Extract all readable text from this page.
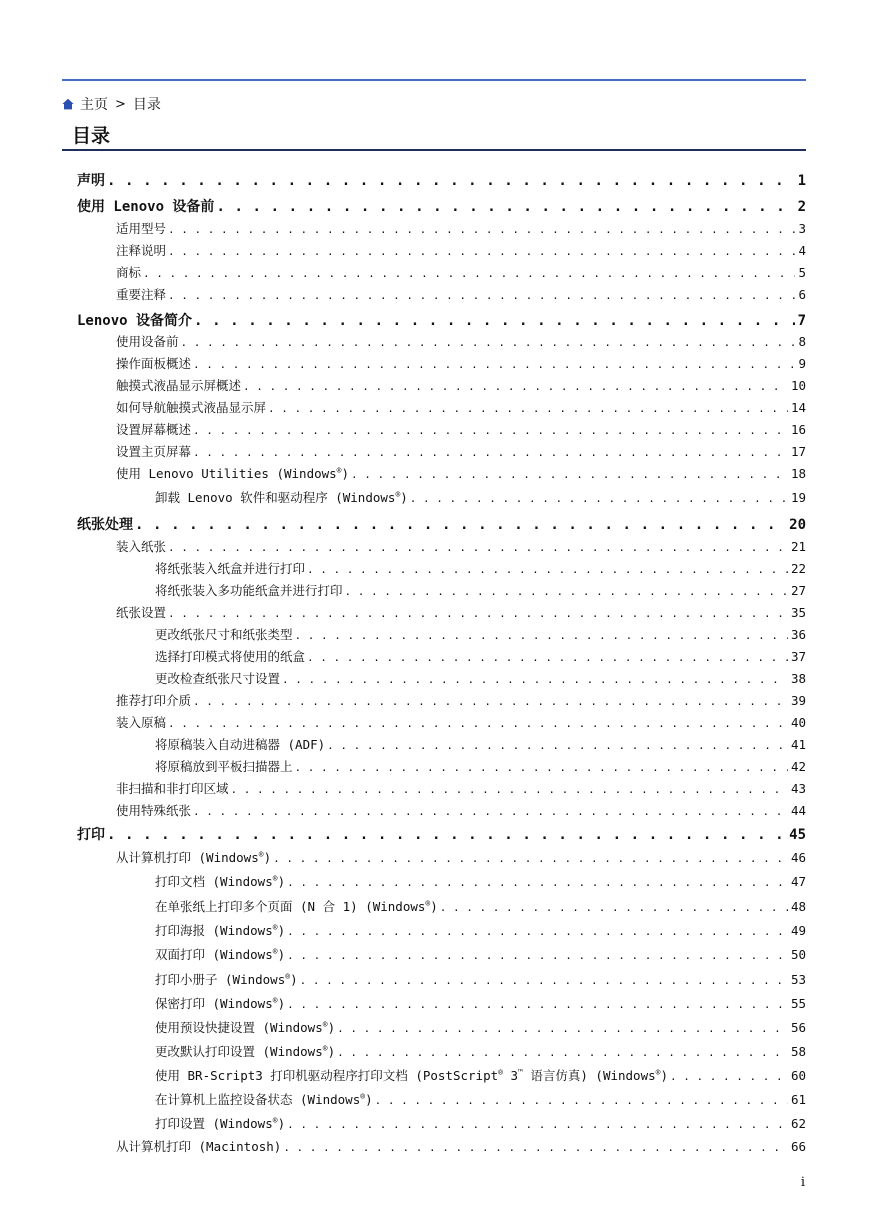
主页 > 目录
目录
声明 . . .	1
使用 Lenovo 设备前 . . .	2
适用型号 . . .	3
注释说明 . . .	4
商标 . . .	5
重要注释 . . .	6
Lenovo 设备简介 . . .	7
使用设备前 . . .	8
操作面板概述 . . .	9
触摸式液晶显示屏概述 . . .	10
如何导航触摸式液晶显示屏 . . .	14
设置屏幕概述 . . .	16
设置主页屏幕 . . .	17
使用 Lenovo Utilities (Windows®) . . .	18
卸载 Lenovo 软件和驱动程序 (Windows®) . . .	19
纸张处理 . . .	20
装入纸张 . . .	21
将纸张装入纸盒并进行打印 . . .	22
将纸张装入多功能纸盒并进行打印 . . .	27
纸张设置 . . .	35
更改纸张尺寸和纸张类型 . . .	36
选择打印模式将使用的纸盒 . . .	37
更改检查纸张尺寸设置 . . .	38
推荐打印介质 . . .	39
装入原稿 . . .	40
将原稿装入自动进稿器 (ADF) . . .	41
将原稿放到平板扫描器上 . . .	42
非扫描和非打印区域 . . .	43
使用特殊纸张 . . .	44
打印 . . .	45
从计算机打印 (Windows®) . . .	46
打印文档 (Windows®) . . .	47
在单张纸上打印多个页面 (N 合 1) (Windows®) . . .	48
打印海报 (Windows®) . . .	49
双面打印 (Windows®) . . .	50
打印小册子 (Windows®) . . .	53
保密打印 (Windows®) . . .	55
使用预设快捷设置 (Windows®) . . .	56
更改默认打印设置 (Windows®) . . .	58
使用 BR-Script3 打印机驱动程序打印文档 (PostScript® 3™ 语言仿真) (Windows®) . . .	60
在计算机上监控设备状态 (Windows®) . . .	61
打印设置 (Windows®) . . .	62
从计算机打印 (Macintosh) . . .	66
i
